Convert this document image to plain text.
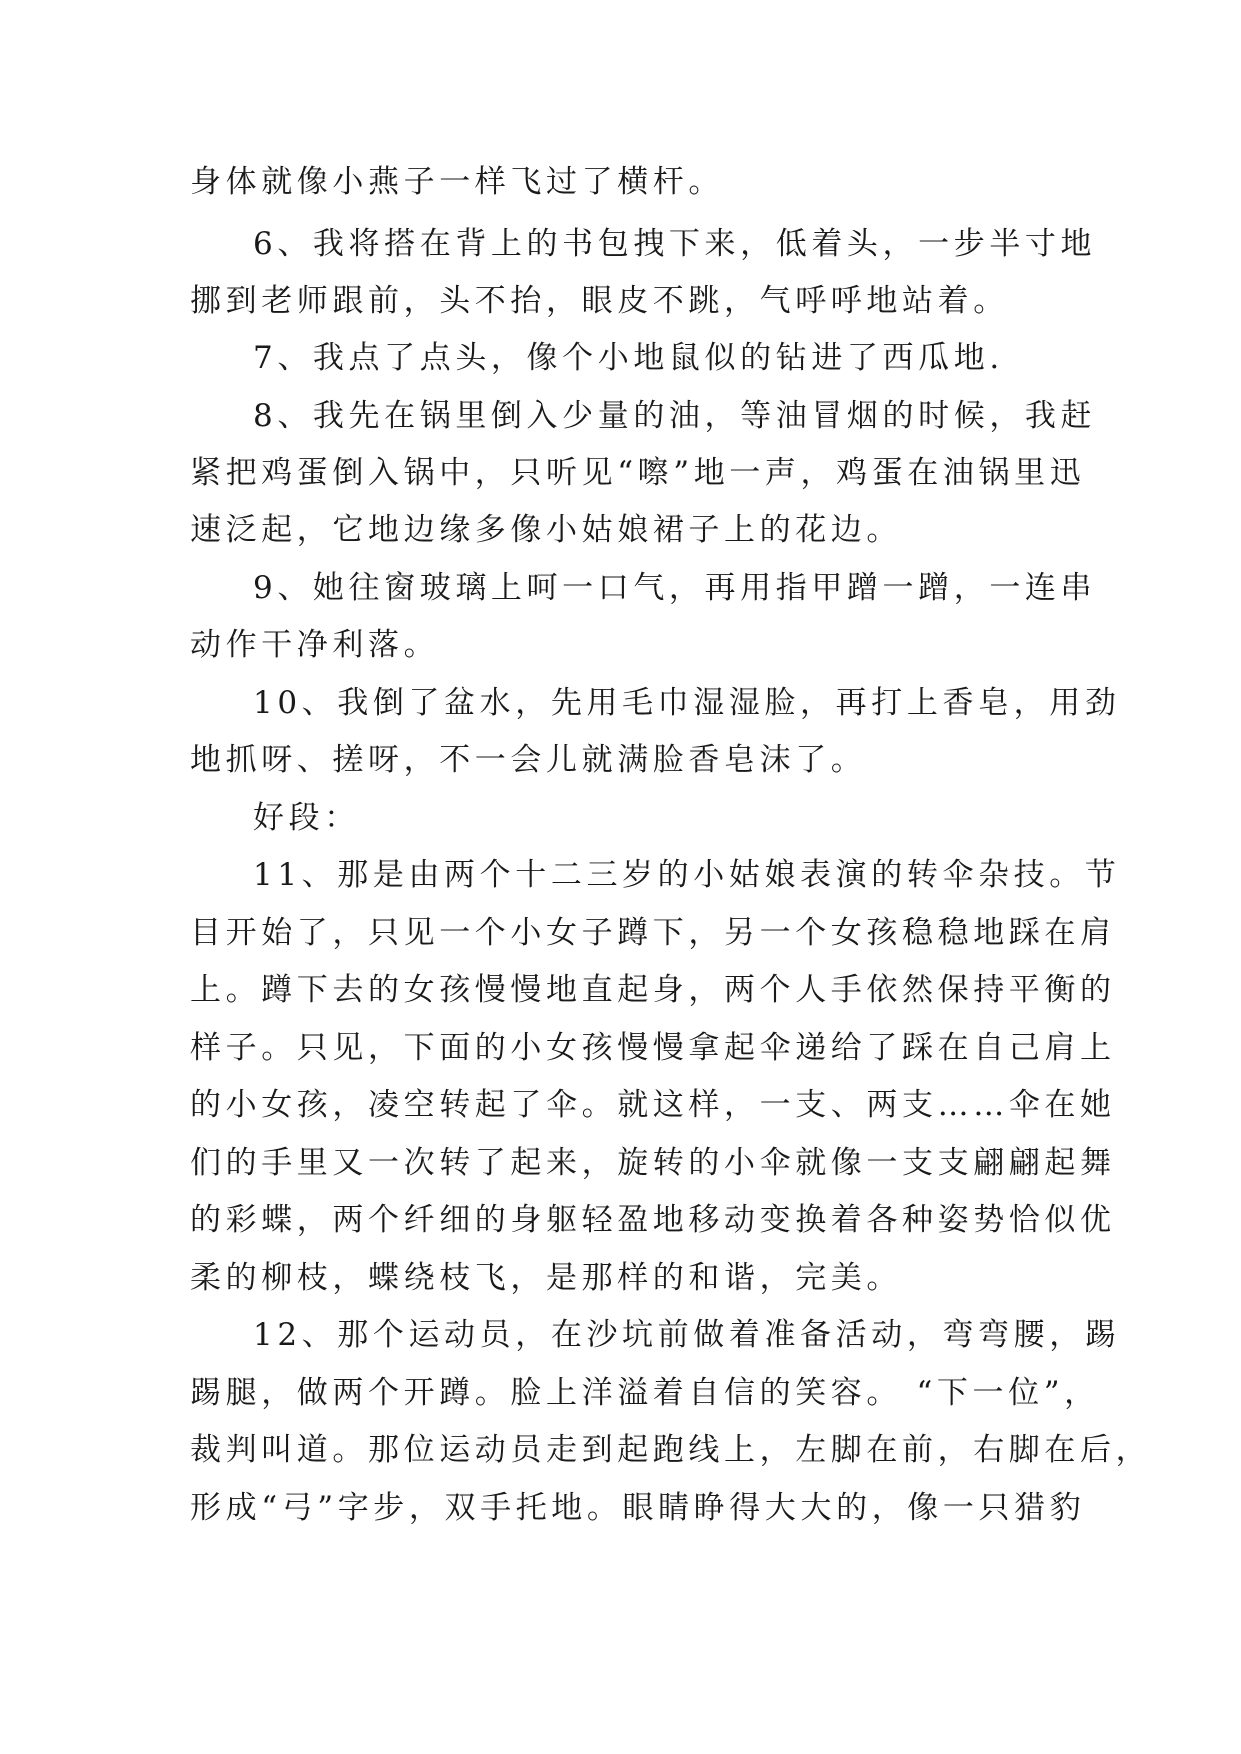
身体就像小燕子一样飞过了横杆。
6、我将搭在背上的书包拽下来，低着头，一步半寸地
挪到老师跟前，头不抬，眼皮不跳，气呼呼地站着。
7、我点了点头，像个小地鼠似的钻进了西瓜地.
8、我先在锅里倒入少量的油，等油冒烟的时候，我赶
紧把鸡蛋倒入锅中，只听见“嚓”地一声，鸡蛋在油锅里迅
速泛起，它地边缘多像小姑娘裙子上的花边。
9、她往窗玻璃上呵一口气，再用指甲蹭一蹭，一连串
动作干净利落。
10、我倒了盆水，先用毛巾湿湿脸，再打上香皂，用劲
地抓呀、搓呀，不一会儿就满脸香皂沫了。
好段：
11、那是由两个十二三岁的小姑娘表演的转伞杂技。节
目开始了，只见一个小女子蹲下，另一个女孩稳稳地踩在肩
上。蹲下去的女孩慢慢地直起身，两个人手依然保持平衡的
样子。只见，下面的小女孩慢慢拿起伞递给了踩在自己肩上
的小女孩，凌空转起了伞。就这样，一支、两支……伞在她
们的手里又一次转了起来，旋转的小伞就像一支支翩翩起舞
的彩蝶，两个纤细的身躯轻盈地移动变换着各种姿势恰似优
柔的柳枝，蝶绕枝飞，是那样的和谐，完美。
12、那个运动员，在沙坑前做着准备活动，弯弯腰，踢
踢腿，做两个开蹲。脸上洋溢着自信的笑容。 “下一位”，
裁判叫道。那位运动员走到起跑线上，左脚在前，右脚在后，
形成“弓”字步，双手托地。眼睛睁得大大的，像一只猎豹
